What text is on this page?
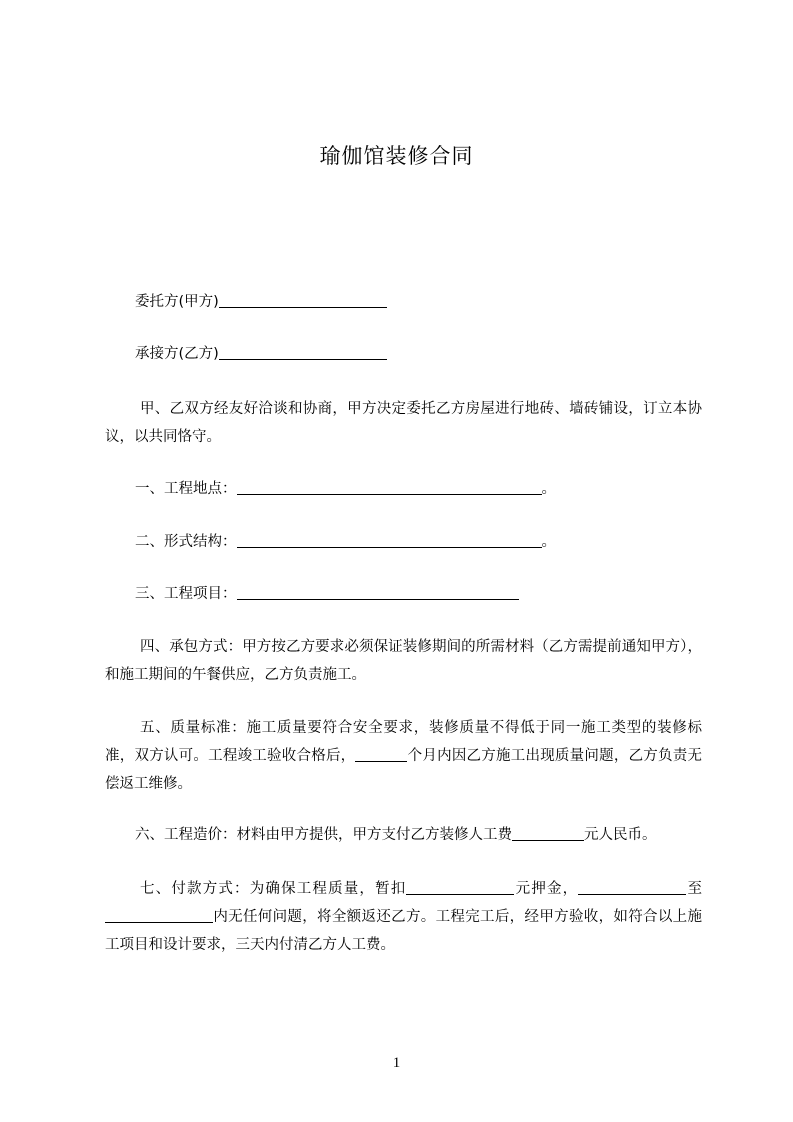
瑜伽馆装修合同
委托方(甲方)
承接方(乙方)
甲、乙双方经友好洽谈和协商，甲方决定委托乙方房屋进行地砖、墙砖铺设，订立本协议，以共同恪守。
一、工程地点：	。
二、形式结构：	。
三、工程项目：
四、承包方式：甲方按乙方要求必须保证装修期间的所需材料（乙方需提前通知甲方），和施工期间的午餐供应，乙方负责施工。
五、质量标准：施工质量要符合安全要求，装修质量不得低于同一施工类型的装修标准，双方认可。工程竣工验收合格后，	个月内因乙方施工出现质量问题，乙方负责无偿返工维修。
六、工程造价：材料由甲方提供，甲方支付乙方装修人工费	元人民币。
七、付款方式：为确保工程质量，暂扣	元押金，	至内无任何问题，将全额返还乙方。工程完工后，经甲方验收，如符合以上施工项目和设计要求，三天内付清乙方人工费。
1
